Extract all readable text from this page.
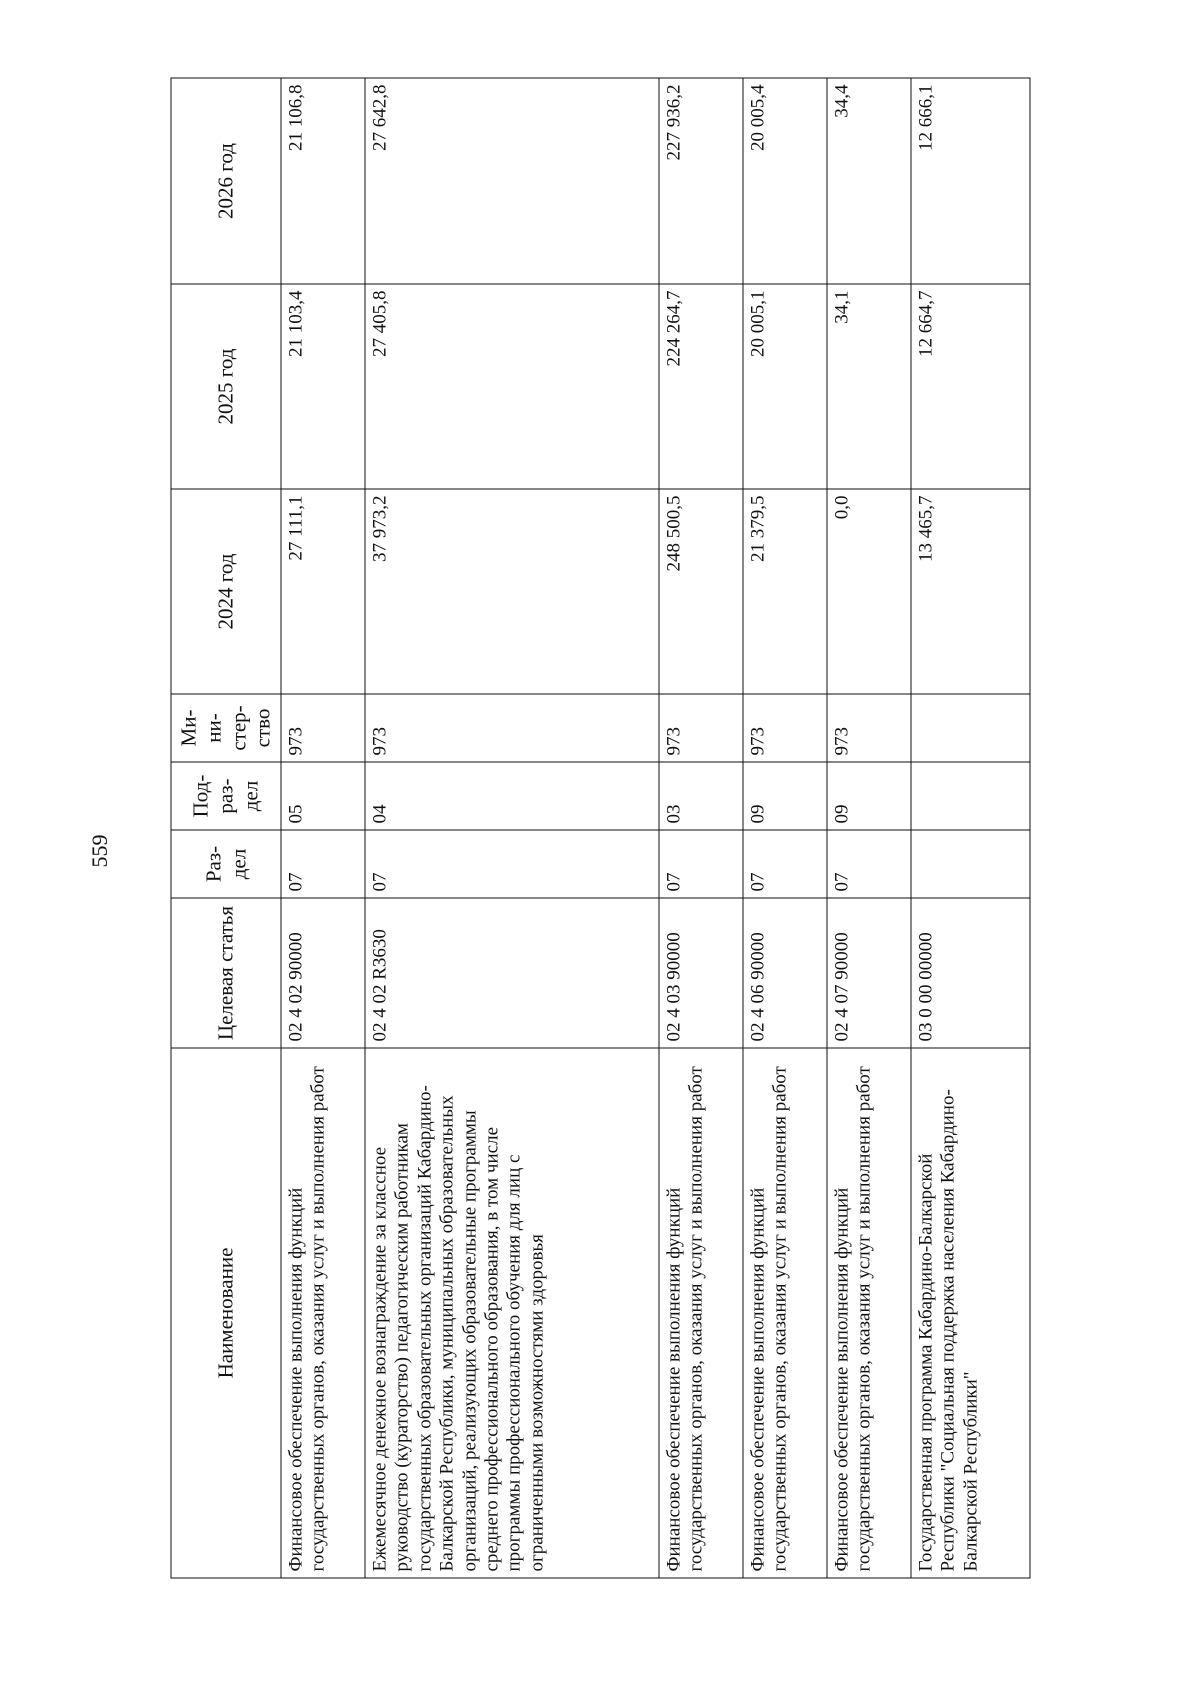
559
Наименование	Целевая статья	Раз-дел	Под-раз-дел	Ми-ни-стер-ство	2024 год	2025 год	2026 год
Финансовое обеспечение выполнения функций государственных органов, оказания услуг и выполнения работ	02 4 02 90000	07	05	973	27 111,1	21 103,4	21 106,8
Ежемесячное денежное вознаграждение за классное руководство (кураторство) педагогическим работникам государственных образовательных организаций Кабардино-Балкарской Республики, муниципальных образовательных организаций, реализующих образовательные программы среднего профессионального образования, в том числе программы профессионального обучения для лиц с ограниченными возможностями здоровья	02 4 02 R3630	07	04	973	37 973,2	27 405,8	27 642,8
Финансовое обеспечение выполнения функций государственных органов, оказания услуг и выполнения работ	02 4 03 90000	07	03	973	248 500,5	224 264,7	227 936,2
Финансовое обеспечение выполнения функций государственных органов, оказания услуг и выполнения работ	02 4 06 90000	07	09	973	21 379,5	20 005,1	20 005,4
Финансовое обеспечение выполнения функций государственных органов, оказания услуг и выполнения работ	02 4 07 90000	07	09	973	0,0	34,1	34,4
Государственная программа Кабардино-Балкарской Республики "Социальная поддержка населения Кабардино-Балкарской Республики"	03 0 00 00000				13 465,7	12 664,7	12 666,1
